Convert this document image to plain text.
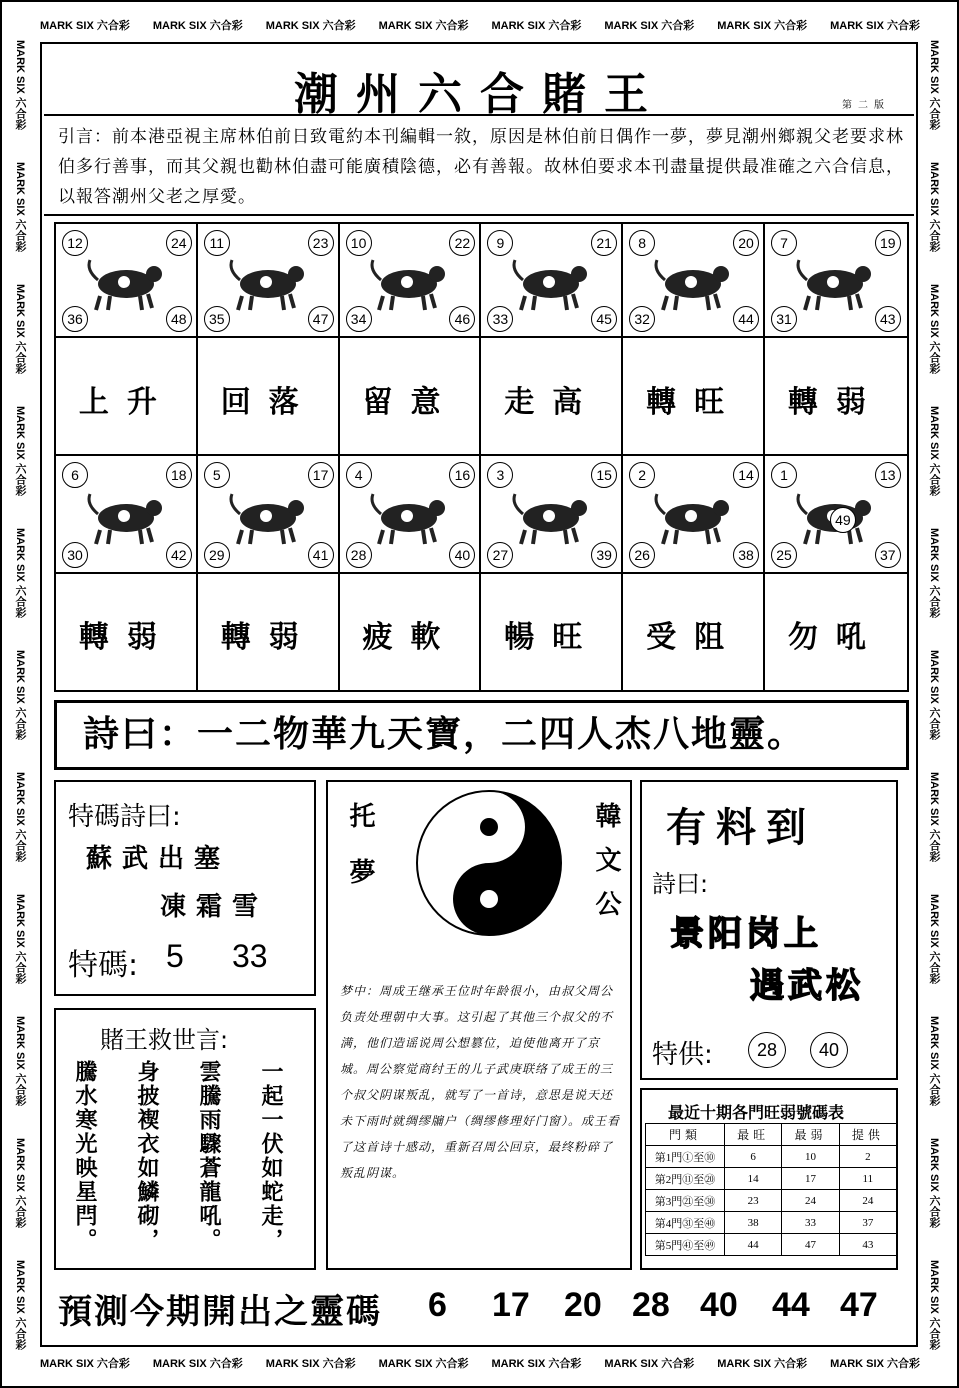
MARK SIX 六合彩 MARK SIX 六合彩 MARK SIX 六合彩 MARK SIX 六合彩 MARK SIX 六合彩 MARK SIX 六合彩 MARK SIX 六合彩 MARK SIX 六合彩
MARK SIX 六合彩 MARK SIX 六合彩 MARK SIX 六合彩 MARK SIX 六合彩 MARK SIX 六合彩 MARK SIX 六合彩 MARK SIX 六合彩 MARK SIX 六合彩
MARK SIX 六合彩
MARK SIX 六合彩
MARK SIX 六合彩
MARK SIX 六合彩
MARK SIX 六合彩
MARK SIX 六合彩
MARK SIX 六合彩
MARK SIX 六合彩
MARK SIX 六合彩
MARK SIX 六合彩
MARK SIX 六合彩
MARK SIX 六合彩
MARK SIX 六合彩
MARK SIX 六合彩
MARK SIX 六合彩
MARK SIX 六合彩
MARK SIX 六合彩
MARK SIX 六合彩
MARK SIX 六合彩
MARK SIX 六合彩
MARK SIX 六合彩
MARK SIX 六合彩
潮州六合賭王	第二版
引言：前本港亞視主席林伯前日致電約本刊編輯一敘，原因是林伯前日偶作一夢，夢見潮州鄉親父老要求林伯多行善事，而其父親也勸林伯盡可能廣積陰德，必有善報。故林伯要求本刊盡量提供最准確之六合信息，以報答潮州父老之厚愛。
12	24
36	48
上升
11	23
35	47
回落
10	22
34	46
留意
9	21
33	45
走高
8	20
32	44
轉旺
7	19
31	43
轉弱
6	18
30	42
轉弱
5	17
29	41
轉弱
4	16
28	40
疲軟
3	15
27	39
暢旺
2	14
26	38
受阻
1	13
25	37
49
勿吼
詩曰：一二物華九天寶，二四人杰八地靈。
特碼詩曰:
蘇武出塞
凍霜雪
特碼: 5 33
賭王救世言:
一起一伏如蛇走，
雲騰雨驟蒼龍吼。
身披褉衣如鱗砌，
騰水寒光映星閂。
托夢	韓文公
梦中：周成王继承王位时年龄很小，由叔父周公负责处理朝中大事。这引起了其他三个叔父的不满，他们造谣说周公想篡位，迫使他离开了京城。周公察觉商纣王的儿子武庚联络了成王的三个叔父阴谋叛乱，就写了一首诗，意思是说天还未下雨时就绸缪牖户（绸缪修理好门窗）。成王看了这首诗十感动，重新召周公回京，最终粉碎了叛乱阴谋。
有料到
詩曰:
景阳岗上
遇武松
特供:	28	40
最近十期各門旺弱號碼表
門類	最旺	最弱	提供
第1門①至⑩	6	10	2
第2門⑪至⑳	14	17	11
第3門㉑至㉚	23	24	24
第4門㉛至㊵	38	33	37
第5門㊶至㊾	44	47	43
預測今期開出之靈碼 6 17 20 28 40 44 47
